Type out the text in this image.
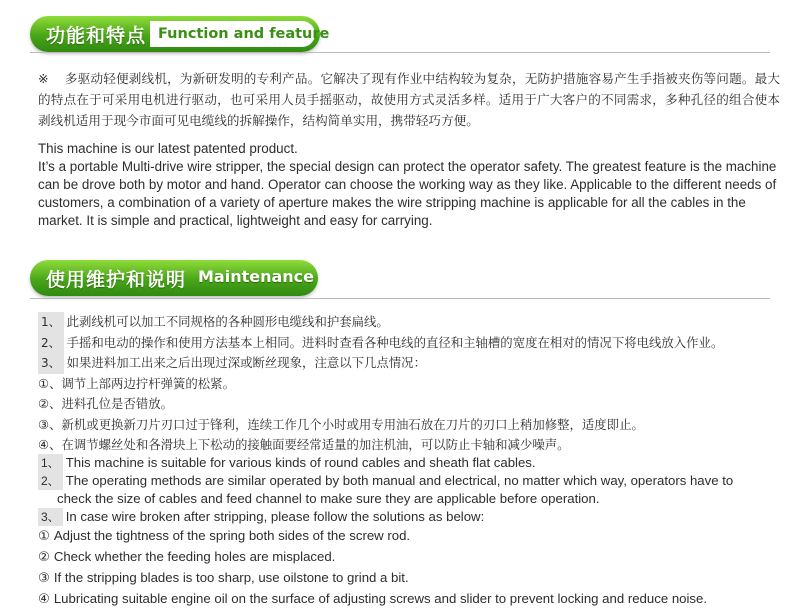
功能和特点 Function and feature

※ 多驱动轻便剥线机，为新研发明的专利产品。它解决了现有作业中结构较为复杂，无防护措施容易产生手指被夹伤等问题。最大的特点在于可采用电机进行驱动，也可采用人员手摇驱动，故使用方式灵活多样。适用于广大客户的不同需求，多种孔径的组合使本剥线机适用于现今市面可见电缆线的拆解操作，结构简单实用，携带轻巧方便。

This machine is our latest patented product.

It’s a portable Multi-drive wire stripper, the special design can protect the operator safety. The greatest feature is the machine can be drove both by motor and hand. Operator can choose the working way as they like. Applicable to the different needs of customers, a combination of a variety of aperture makes the wire stripping machine is applicable for all the cables in the market. It is simple and practical, lightweight and easy for carrying.

使用维护和说明 Maintenance
1、 此剥线机可以加工不同规格的各种圆形电缆线和护套扁线。
2、 手摇和电动的操作和使用方法基本上相同。进料时查看各种电线的直径和主轴槽的宽度在相对的情况下将电线放入作业。
3、 如果进料加工出来之后出现过深或断丝现象，注意以下几点情况：
①、调节上部两边拧杆弹簧的松紧。
②、进料孔位是否错放。
③、新机或更换新刀片刃口过于锋利，连续工作几个小时或用专用油石放在刀片的刃口上稍加修整，适度即止。
④、在调节螺丝处和各滑块上下松动的接触面要经常适量的加注机油，可以防止卡轴和减少噪声。
1、 This machine is suitable for various kinds of round cables and sheath flat cables.
2、 The operating methods are similar operated by both manual and electrical, no matter which way, operators have to
check the size of cables and feed channel to make sure they are applicable before operation.
3、 In case wire broken after stripping, please follow the solutions as below:
① Adjust the tightness of the spring both sides of the screw rod.
② Check whether the feeding holes are misplaced.
③ If the stripping blades is too sharp, use oilstone to grind a bit.
④ Lubricating suitable engine oil on the surface of adjusting screws and slider to prevent locking and reduce noise.
